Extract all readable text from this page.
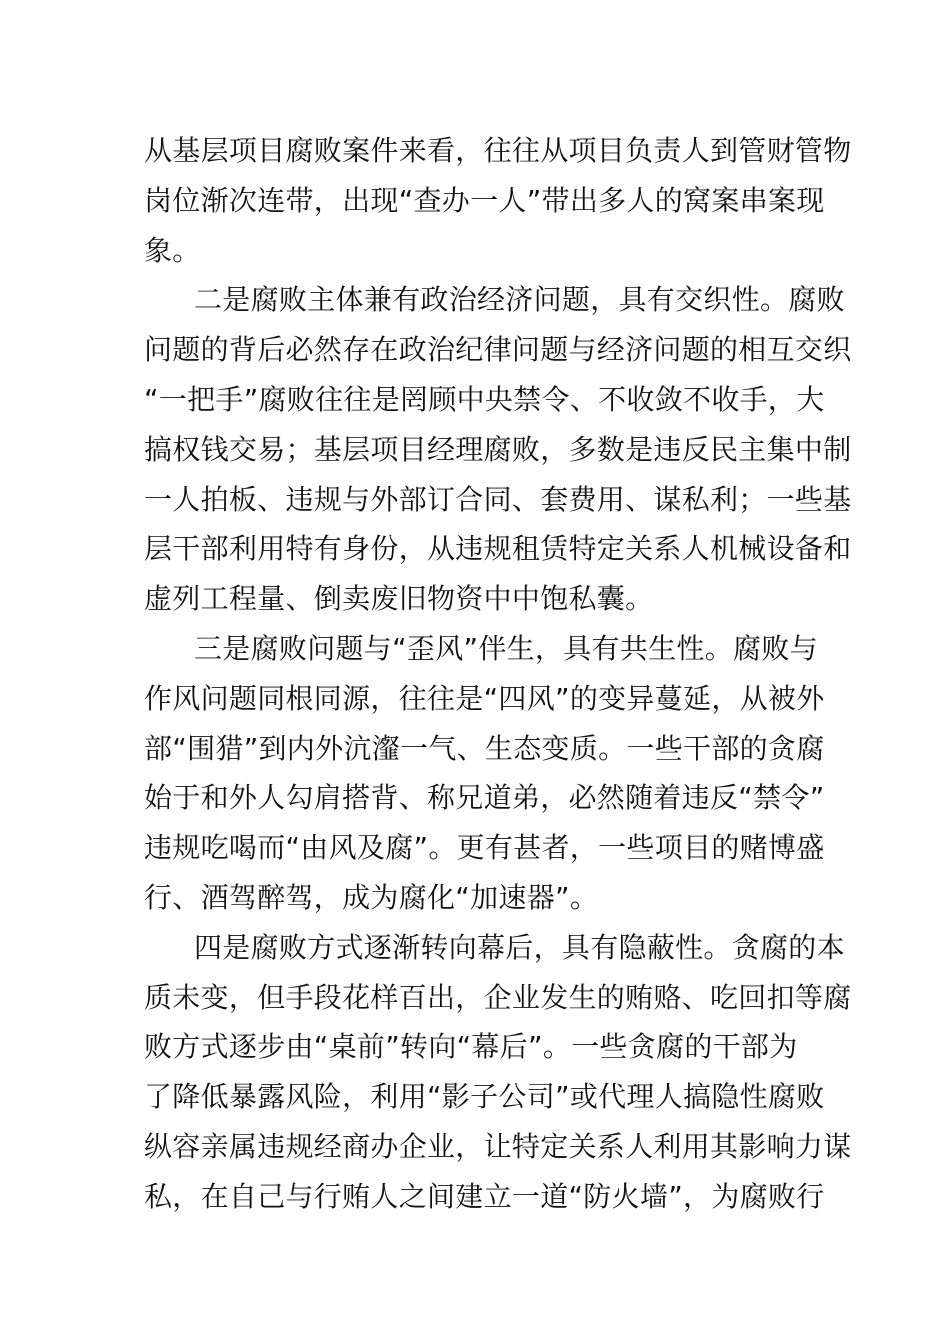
从基层项目腐败案件来看，往往从项目负责人到管财管物
岗位渐次连带，出现“查办一人”带出多人的窝案串案现
象。
二是腐败主体兼有政治经济问题，具有交织性。腐败
问题的背后必然存在政治纪律问题与经济问题的相互交织
“一把手”腐败往往是罔顾中央禁令、不收敛不收手，大
搞权钱交易；基层项目经理腐败，多数是违反民主集中制
一人拍板、违规与外部订合同、套费用、谋私利；一些基
层干部利用特有身份，从违规租赁特定关系人机械设备和
虚列工程量、倒卖废旧物资中中饱私囊。
三是腐败问题与“歪风”伴生，具有共生性。腐败与
作风问题同根同源，往往是“四风”的变异蔓延，从被外
部“围猎”到内外沆瀣一气、生态变质。一些干部的贪腐
始于和外人勾肩搭背、称兄道弟，必然随着违反“禁令”
违规吃喝而“由风及腐”。更有甚者，一些项目的赌博盛
行、酒驾醉驾，成为腐化“加速器”。
四是腐败方式逐渐转向幕后，具有隐蔽性。贪腐的本
质未变，但手段花样百出，企业发生的贿赂、吃回扣等腐
败方式逐步由“桌前”转向“幕后”。一些贪腐的干部为
了降低暴露风险，利用“影子公司”或代理人搞隐性腐败
纵容亲属违规经商办企业，让特定关系人利用其影响力谋
私，在自己与行贿人之间建立一道“防火墙”，为腐败行
